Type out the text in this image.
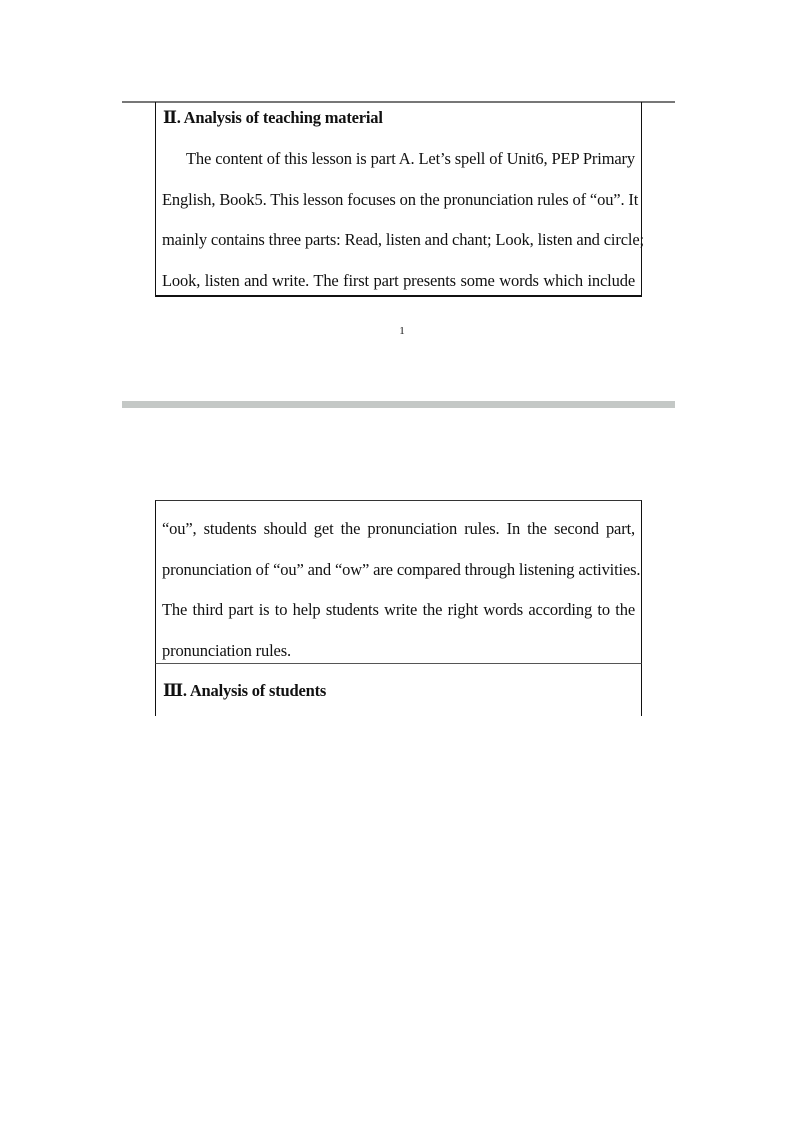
Ⅱ. Analysis of teaching material

The content of this lesson is part A. Let’s spell of Unit6, PEP Primary
English, Book5. This lesson focuses on the pronunciation rules of “ou”. It
mainly contains three parts: Read, listen and chant; Look, listen and circle;
Look, listen and write. The first part presents some words which include

1

“ou”, students should get the pronunciation rules. In the second part,
pronunciation of “ou” and “ow” are compared through listening activities.
The third part is to help students write the right words according to the
pronunciation rules.

Ⅲ. Analysis of students
